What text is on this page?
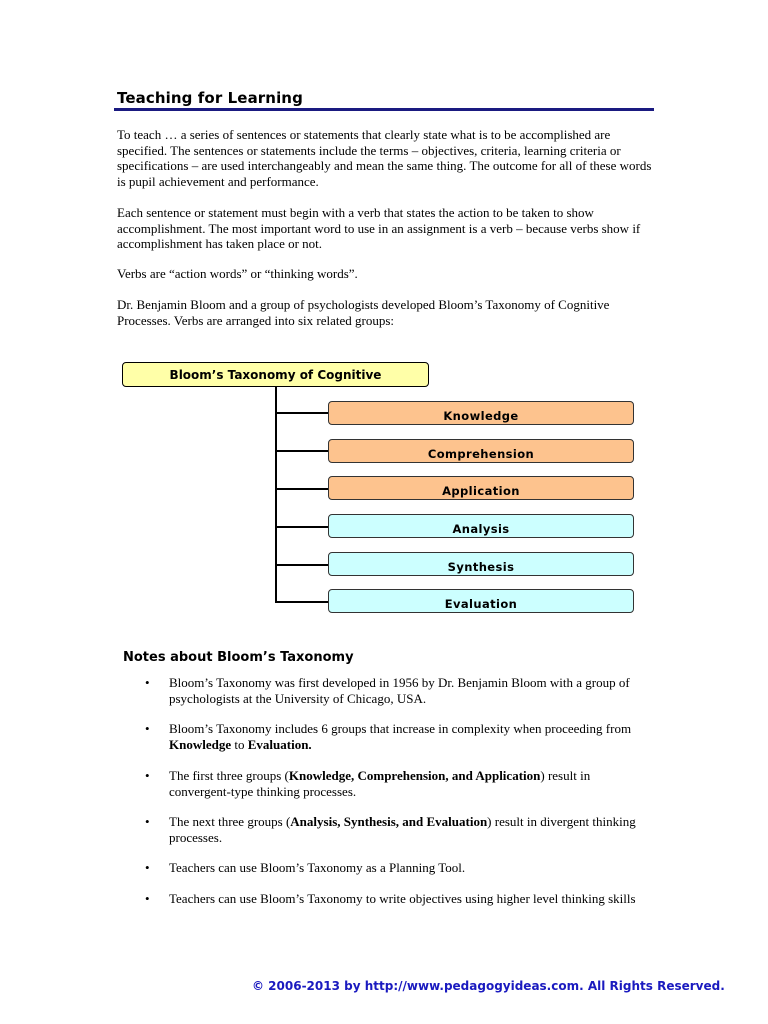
Teaching for Learning
To teach … a series of sentences or statements that clearly state what is to be accomplished are specified. The sentences or statements include the terms – objectives, criteria, learning criteria or specifications – are used interchangeably and mean the same thing. The outcome for all of these words is pupil achievement and performance.
Each sentence or statement must begin with a verb that states the action to be taken to show accomplishment. The most important word to use in an assignment is a verb – because verbs show if accomplishment has taken place or not.
Verbs are “action words” or “thinking words”.
Dr. Benjamin Bloom and a group of psychologists developed Bloom’s Taxonomy of Cognitive Processes. Verbs are arranged into six related groups:
Bloom’s Taxonomy of Cognitive
Knowledge
Comprehension
Application
Analysis
Synthesis
Evaluation
Notes about Bloom’s Taxonomy
• Bloom’s Taxonomy was first developed in 1956 by Dr. Benjamin Bloom with a group of psychologists at the University of Chicago, USA.
• Bloom’s Taxonomy includes 6 groups that increase in complexity when proceeding from Knowledge to Evaluation.
• The first three groups (Knowledge, Comprehension, and Application) result in convergent-type thinking processes.
• The next three groups (Analysis, Synthesis, and Evaluation) result in divergent thinking processes.
• Teachers can use Bloom’s Taxonomy as a Planning Tool.
• Teachers can use Bloom’s Taxonomy to write objectives using higher level thinking skills
© 2006-2013 by http://www.pedagogyideas.com. All Rights Reserved.
